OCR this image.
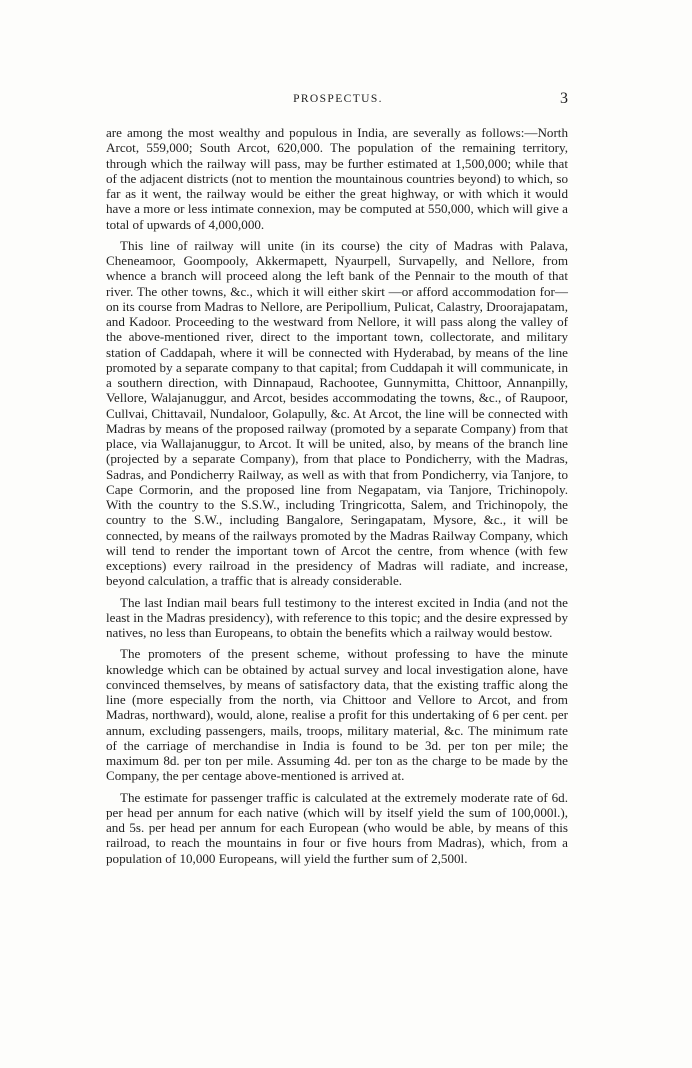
PROSPECTUS.	3

are among the most wealthy and populous in India, are severally as follows:—North Arcot, 559,000; South Arcot, 620,000. The population of the remaining territory, through which the railway will pass, may be further estimated at 1,500,000; while that of the adjacent districts (not to mention the mountainous countries beyond) to which, so far as it went, the railway would be either the great highway, or with which it would have a more or less intimate connexion, may be computed at 550,000, which will give a total of upwards of 4,000,000.

This line of railway will unite (in its course) the city of Madras with Palava, Cheneamoor, Goompooly, Akkermapett, Nyaurpell, Survapelly, and Nellore, from whence a branch will proceed along the left bank of the Pennair to the mouth of that river. The other towns, &c., which it will either skirt —or afford accommodation for—on its course from Madras to Nellore, are Peripollium, Pulicat, Calastry, Droorajapatam, and Kadoor. Proceeding to the westward from Nellore, it will pass along the valley of the above-mentioned river, direct to the important town, collectorate, and military station of Caddapah, where it will be connected with Hyderabad, by means of the line promoted by a separate company to that capital; from Cuddapah it will communicate, in a southern direction, with Dinnapaud, Rachootee, Gunnymitta, Chittoor, Annanpilly, Vellore, Walajanuggur, and Arcot, besides accommodating the towns, &c., of Raupoor, Cullvai, Chittavail, Nundaloor, Golapully, &c. At Arcot, the line will be connected with Madras by means of the proposed railway (promoted by a separate Company) from that place, via Wallajanuggur, to Arcot. It will be united, also, by means of the branch line (projected by a separate Company), from that place to Pondicherry, with the Madras, Sadras, and Pondicherry Railway, as well as with that from Pondicherry, via Tanjore, to Cape Cormorin, and the proposed line from Negapatam, via Tanjore, Trichinopoly. With the country to the S.S.W., including Tringricotta, Salem, and Trichinopoly, the country to the S.W., including Bangalore, Seringapatam, Mysore, &c., it will be connected, by means of the railways promoted by the Madras Railway Company, which will tend to render the important town of Arcot the centre, from whence (with few exceptions) every railroad in the presidency of Madras will radiate, and increase, beyond calculation, a traffic that is already considerable.

The last Indian mail bears full testimony to the interest excited in India (and not the least in the Madras presidency), with reference to this topic; and the desire expressed by natives, no less than Europeans, to obtain the benefits which a railway would bestow.

The promoters of the present scheme, without professing to have the minute knowledge which can be obtained by actual survey and local investigation alone, have convinced themselves, by means of satisfactory data, that the existing traffic along the line (more especially from the north, via Chittoor and Vellore to Arcot, and from Madras, northward), would, alone, realise a profit for this undertaking of 6 per cent. per annum, excluding passengers, mails, troops, military material, &c. The minimum rate of the carriage of merchandise in India is found to be 3d. per ton per mile; the maximum 8d. per ton per mile. Assuming 4d. per ton as the charge to be made by the Company, the per centage above-mentioned is arrived at.

The estimate for passenger traffic is calculated at the extremely moderate rate of 6d. per head per annum for each native (which will by itself yield the sum of 100,000l.), and 5s. per head per annum for each European (who would be able, by means of this railroad, to reach the mountains in four or five hours from Madras), which, from a population of 10,000 Europeans, will yield the further sum of 2,500l.
